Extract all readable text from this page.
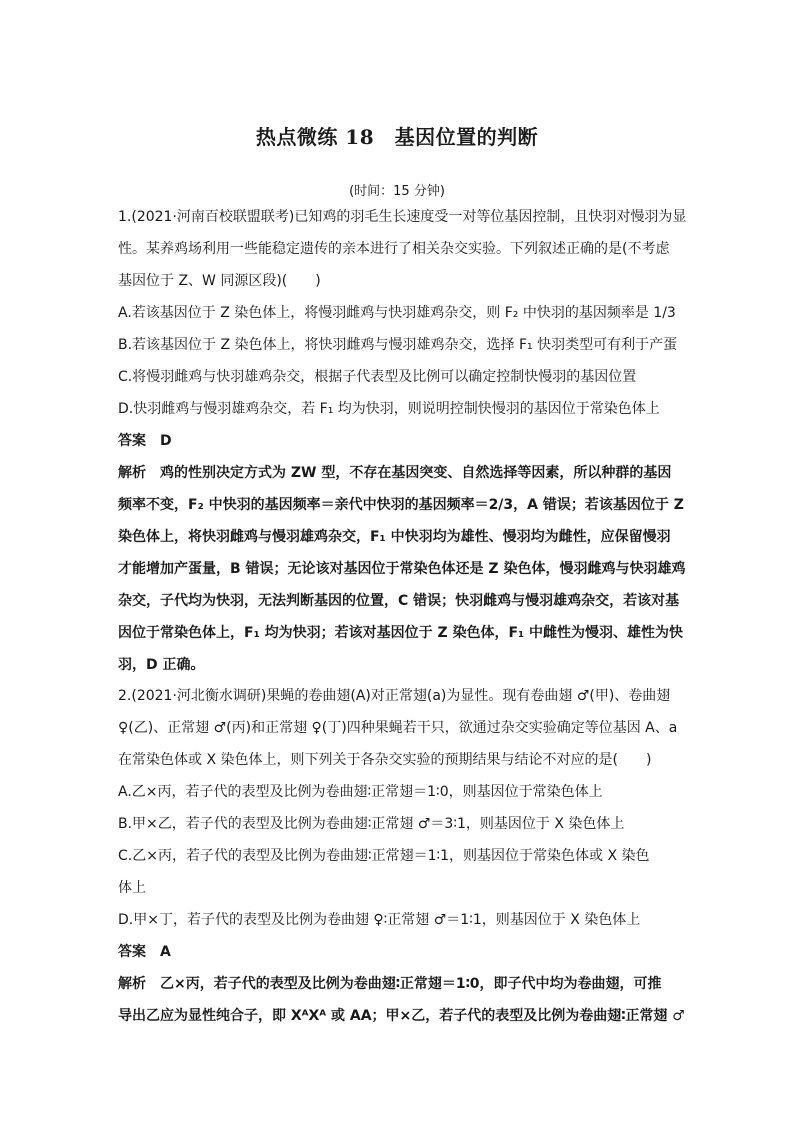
热点微练 18　基因位置的判断
(时间：15 分钟)
1.(2021·河南百校联盟联考)已知鸡的羽毛生长速度受一对等位基因控制，且快羽对慢羽为显
性。某养鸡场利用一些能稳定遗传的亲本进行了相关杂交实验。下列叙述正确的是(不考虑
基因位于 Z、W 同源区段)(　　)
A.若该基因位于 Z 染色体上，将慢羽雌鸡与快羽雄鸡杂交，则 F₂ 中快羽的基因频率是 1/3
B.若该基因位于 Z 染色体上，将快羽雌鸡与慢羽雄鸡杂交，选择 F₁ 快羽类型可有利于产蛋
C.将慢羽雌鸡与快羽雄鸡杂交，根据子代表型及比例可以确定控制快慢羽的基因位置
D.快羽雌鸡与慢羽雄鸡杂交，若 F₁ 均为快羽，则说明控制快慢羽的基因位于常染色体上
答案　D
解析　鸡的性别决定方式为 ZW 型，不存在基因突变、自然选择等因素，所以种群的基因
频率不变，F₂ 中快羽的基因频率＝亲代中快羽的基因频率＝2/3，A 错误；若该基因位于 Z
染色体上，将快羽雌鸡与慢羽雄鸡杂交，F₁ 中快羽均为雄性、慢羽均为雌性，应保留慢羽
才能增加产蛋量，B 错误；无论该对基因位于常染色体还是 Z 染色体，慢羽雌鸡与快羽雄鸡
杂交，子代均为快羽，无法判断基因的位置，C 错误；快羽雌鸡与慢羽雄鸡杂交，若该对基
因位于常染色体上，F₁ 均为快羽；若该对基因位于 Z 染色体，F₁ 中雌性为慢羽、雄性为快
羽，D 正确。
2.(2021·河北衡水调研)果蝇的卷曲翅(A)对正常翅(a)为显性。现有卷曲翅 ♂(甲)、卷曲翅
♀(乙)、正常翅 ♂(丙)和正常翅 ♀(丁)四种果蝇若干只，欲通过杂交实验确定等位基因 A、a
在常染色体或 X 染色体上，则下列关于各杂交实验的预期结果与结论不对应的是(　　)
A.乙×丙，若子代的表型及比例为卷曲翅∶正常翅＝1∶0，则基因位于常染色体上
B.甲×乙，若子代的表型及比例为卷曲翅∶正常翅 ♂＝3∶1，则基因位于 X 染色体上
C.乙×丙，若子代的表型及比例为卷曲翅∶正常翅＝1∶1，则基因位于常染色体或 X 染色
体上
D.甲×丁，若子代的表型及比例为卷曲翅 ♀∶正常翅 ♂＝1∶1，则基因位于 X 染色体上
答案　A
解析　乙×丙，若子代的表型及比例为卷曲翅∶正常翅＝1∶0，即子代中均为卷曲翅，可推
导出乙应为显性纯合子，即 XᴬXᴬ 或 AA；甲×乙，若子代的表型及比例为卷曲翅∶正常翅 ♂
